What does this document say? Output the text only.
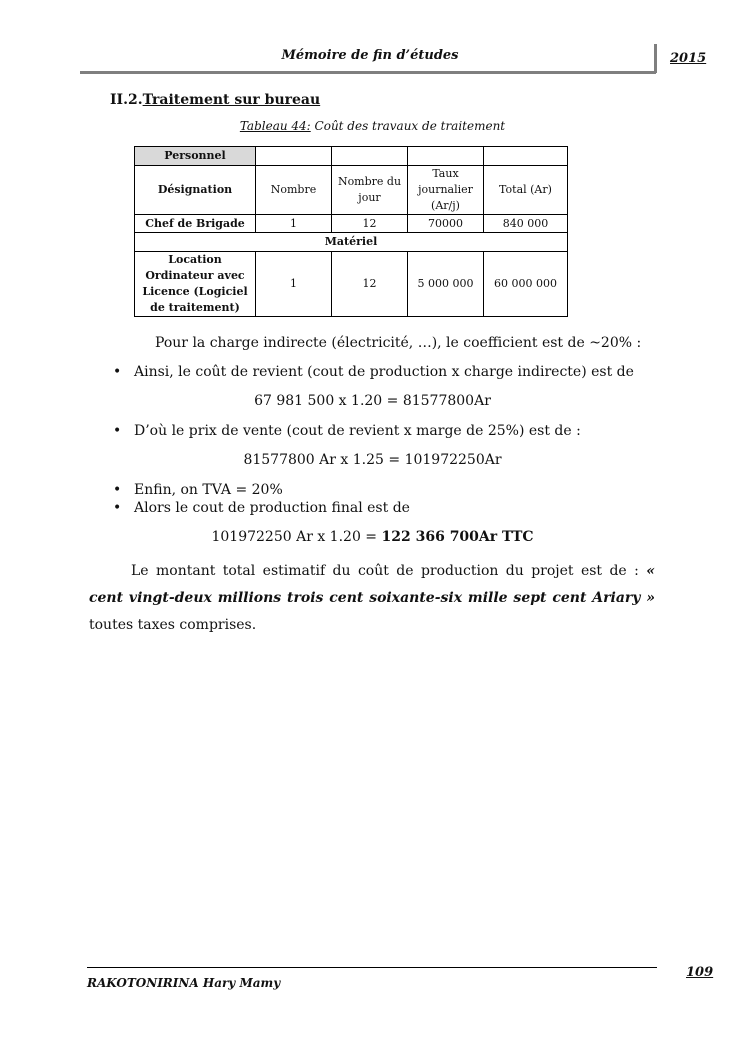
Mémoire de fin d’études	2015
II.2.Traitement sur bureau
Tableau 44: Coût des travaux de traitement
Personnel				
Désignation	Nombre	Nombre du jour	Taux journalier (Ar/j)	Total (Ar)
Chef de Brigade	1	12	70000	840 000
Matériel				
Location Ordinateur avec Licence (Logiciel de traitement)	1	12	5 000 000	60 000 000
Pour la charge indirecte (électricité, …), le coefficient est de ~20% :
• Ainsi, le coût de revient (cout de production x charge indirecte) est de
67 981 500 x 1.20 = 81577800Ar
• D’où le prix de vente (cout de revient x marge de 25%) est de :
81577800 Ar x 1.25 = 101972250Ar
• Enfin, on TVA = 20%
• Alors le cout de production final est de
101972250 Ar x 1.20 = 122 366 700Ar TTC
Le montant total estimatif du coût de production du projet est de : « cent vingt-deux millions trois cent soixante-six mille sept cent Ariary » toutes taxes comprises.
109
RAKOTONIRINA Hary Mamy
